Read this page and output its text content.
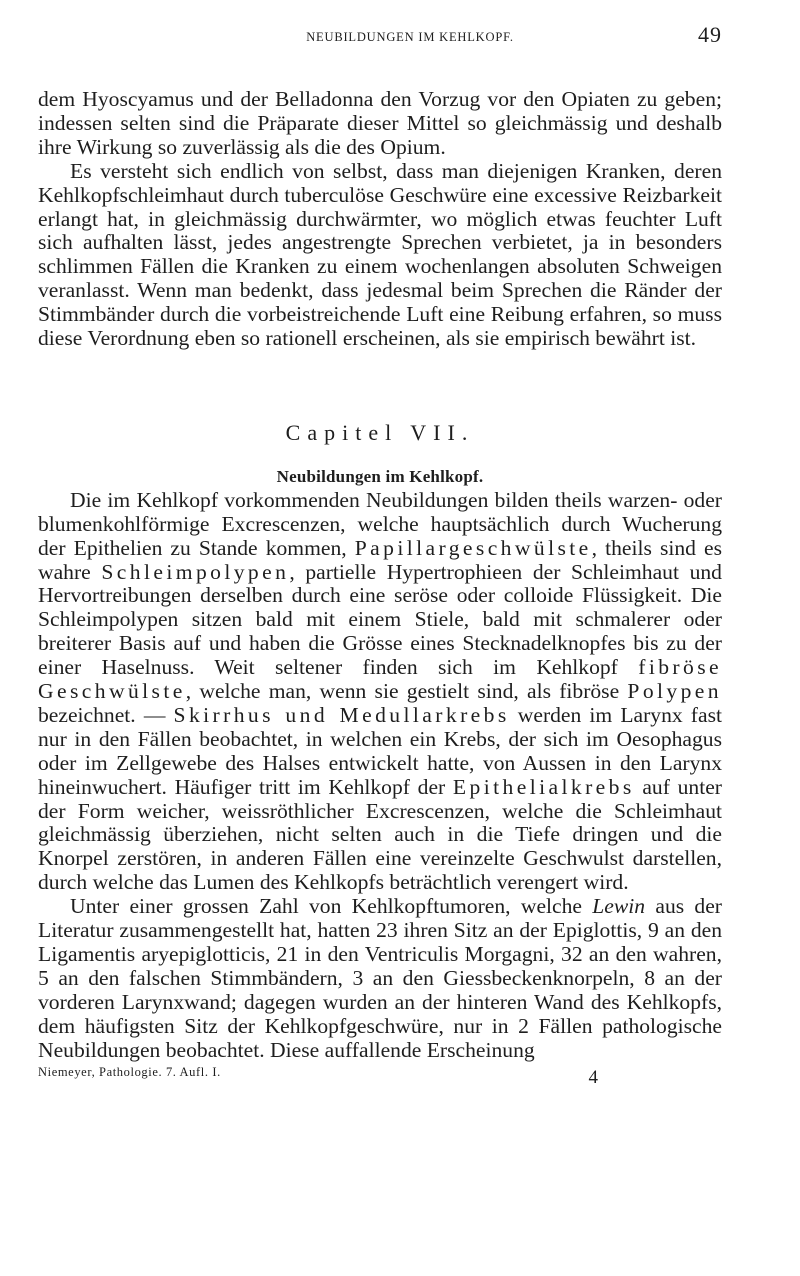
NEUBILDUNGEN IM KEHLKOPF.	49

dem Hyoscyamus und der Belladonna den Vorzug vor den Opiaten zu geben; indessen selten sind die Präparate dieser Mittel so gleichmässig und deshalb ihre Wirkung so zuverlässig als die des Opium.

Es versteht sich endlich von selbst, dass man diejenigen Kranken, deren Kehlkopfschleimhaut durch tuberculöse Geschwüre eine excessive Reizbarkeit erlangt hat, in gleichmässig durchwärmter, wo möglich etwas feuchter Luft sich aufhalten lässt, jedes angestrengte Sprechen verbietet, ja in besonders schlimmen Fällen die Kranken zu einem wochenlangen absoluten Schweigen veranlasst. Wenn man bedenkt, dass jedesmal beim Sprechen die Ränder der Stimmbänder durch die vorbeistreichende Luft eine Reibung erfahren, so muss diese Verordnung eben so rationell erscheinen, als sie empirisch bewährt ist.

Capitel VII.
Neubildungen im Kehlkopf.

Die im Kehlkopf vorkommenden Neubildungen bilden theils warzen- oder blumenkohlförmige Excrescenzen, welche hauptsächlich durch Wucherung der Epithelien zu Stande kommen, Papillargeschwülste, theils sind es wahre Schleimpolypen, partielle Hypertrophieen der Schleimhaut und Hervortreibungen derselben durch eine seröse oder colloide Flüssigkeit. Die Schleimpolypen sitzen bald mit einem Stiele, bald mit schmalerer oder breiterer Basis auf und haben die Grösse eines Stecknadelknopfes bis zu der einer Haselnuss. Weit seltener finden sich im Kehlkopf fibröse Geschwülste, welche man, wenn sie gestielt sind, als fibröse Polypen bezeichnet. — Skirrhus und Medullarkrebs werden im Larynx fast nur in den Fällen beobachtet, in welchen ein Krebs, der sich im Oesophagus oder im Zellgewebe des Halses entwickelt hatte, von Aussen in den Larynx hineinwuchert. Häufiger tritt im Kehlkopf der Epithelialkrebs auf unter der Form weicher, weissröthlicher Excrescenzen, welche die Schleimhaut gleichmässig überziehen, nicht selten auch in die Tiefe dringen und die Knorpel zerstören, in anderen Fällen eine vereinzelte Geschwulst darstellen, durch welche das Lumen des Kehlkopfs beträchtlich verengert wird.

Unter einer grossen Zahl von Kehlkopftumoren, welche Lewin aus der Literatur zusammengestellt hat, hatten 23 ihren Sitz an der Epiglottis, 9 an den Ligamentis aryepiglotticis, 21 in den Ventriculis Morgagni, 32 an den wahren, 5 an den falschen Stimmbändern, 3 an den Giessbeckenknorpeln, 8 an der vorderen Larynxwand; dagegen wurden an der hinteren Wand des Kehlkopfs, dem häufigsten Sitz der Kehlkopfgeschwüre, nur in 2 Fällen pathologische Neubildungen beobachtet. Diese auffallende Erscheinung

Niemeyer, Pathologie. 7. Aufl. I.	4
